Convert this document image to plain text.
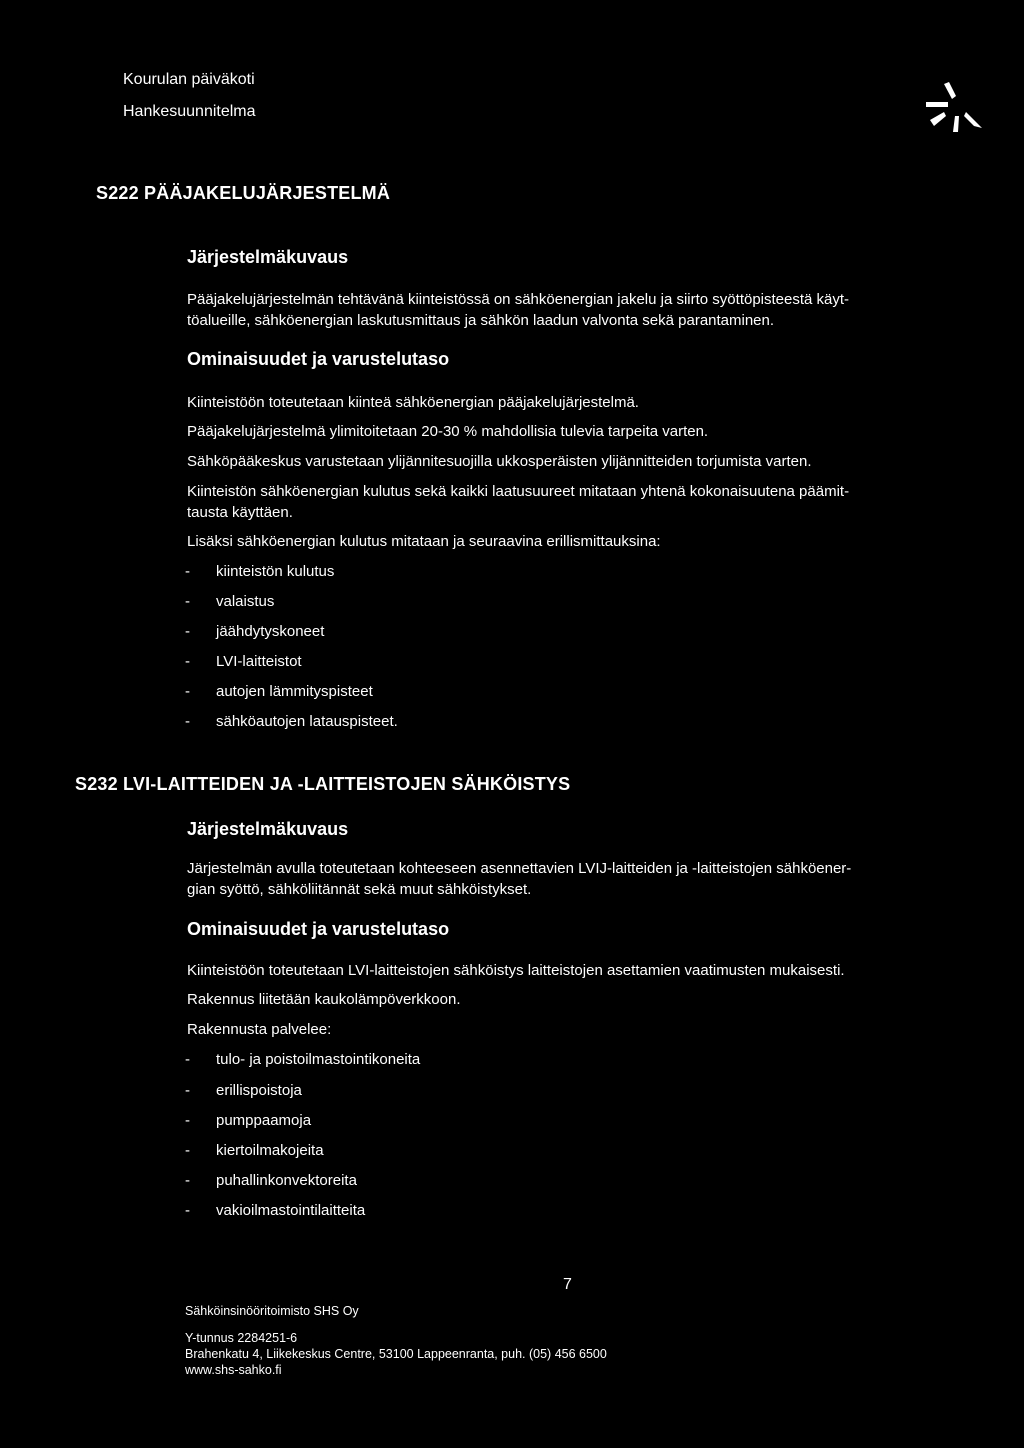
Kourulan päiväkoti
Hankesuunnitelma
S222 PÄÄJAKELUJÄRJESTELMÄ
Järjestelmäkuvaus
Pääjakelujärjestelmän tehtävänä kiinteistössä on sähköenergian jakelu ja siirto syöttöpisteestä käyt-
töalueille, sähköenergian laskutusmittaus ja sähkön laadun valvonta sekä parantaminen.
Ominaisuudet ja varustelutaso
Kiinteistöön toteutetaan kiinteä sähköenergian pääjakelujärjestelmä.
Pääjakelujärjestelmä ylimitoitetaan 20-30 % mahdollisia tulevia tarpeita varten.
Sähköpääkeskus varustetaan ylijännitesuojilla ukkosperäisten ylijännitteiden torjumista varten.
Kiinteistön sähköenergian kulutus sekä kaikki laatusuureet mitataan yhtenä kokonaisuutena päämit-
tausta käyttäen.
Lisäksi sähköenergian kulutus mitataan ja seuraavina erillismittauksina:
- kiinteistön kulutus
- valaistus
- jäähdytyskoneet
- LVI-laitteistot
- autojen lämmityspisteet
- sähköautojen latauspisteet.
S232 LVI-LAITTEIDEN JA -LAITTEISTOJEN SÄHKÖISTYS
Järjestelmäkuvaus
Järjestelmän avulla toteutetaan kohteeseen asennettavien LVIJ-laitteiden ja -laitteistojen sähköener-
gian syöttö, sähköliitännät sekä muut sähköistykset.
Ominaisuudet ja varustelutaso
Kiinteistöön toteutetaan LVI-laitteistojen sähköistys laitteistojen asettamien vaatimusten mukaisesti.
Rakennus liitetään kaukolämpöverkkoon.
Rakennusta palvelee:
- tulo- ja poistoilmastointikoneita
- erillispoistoja
- pumppaamoja
- kiertoilmakojeita
- puhallinkonvektoreita
- vakioilmastointilaitteita
7
Sähköinsinööritoimisto SHS Oy
Y-tunnus 2284251-6
Brahenkatu 4, Liikekeskus Centre, 53100 Lappeenranta, puh. (05) 456 6500
www.shs-sahko.fi
